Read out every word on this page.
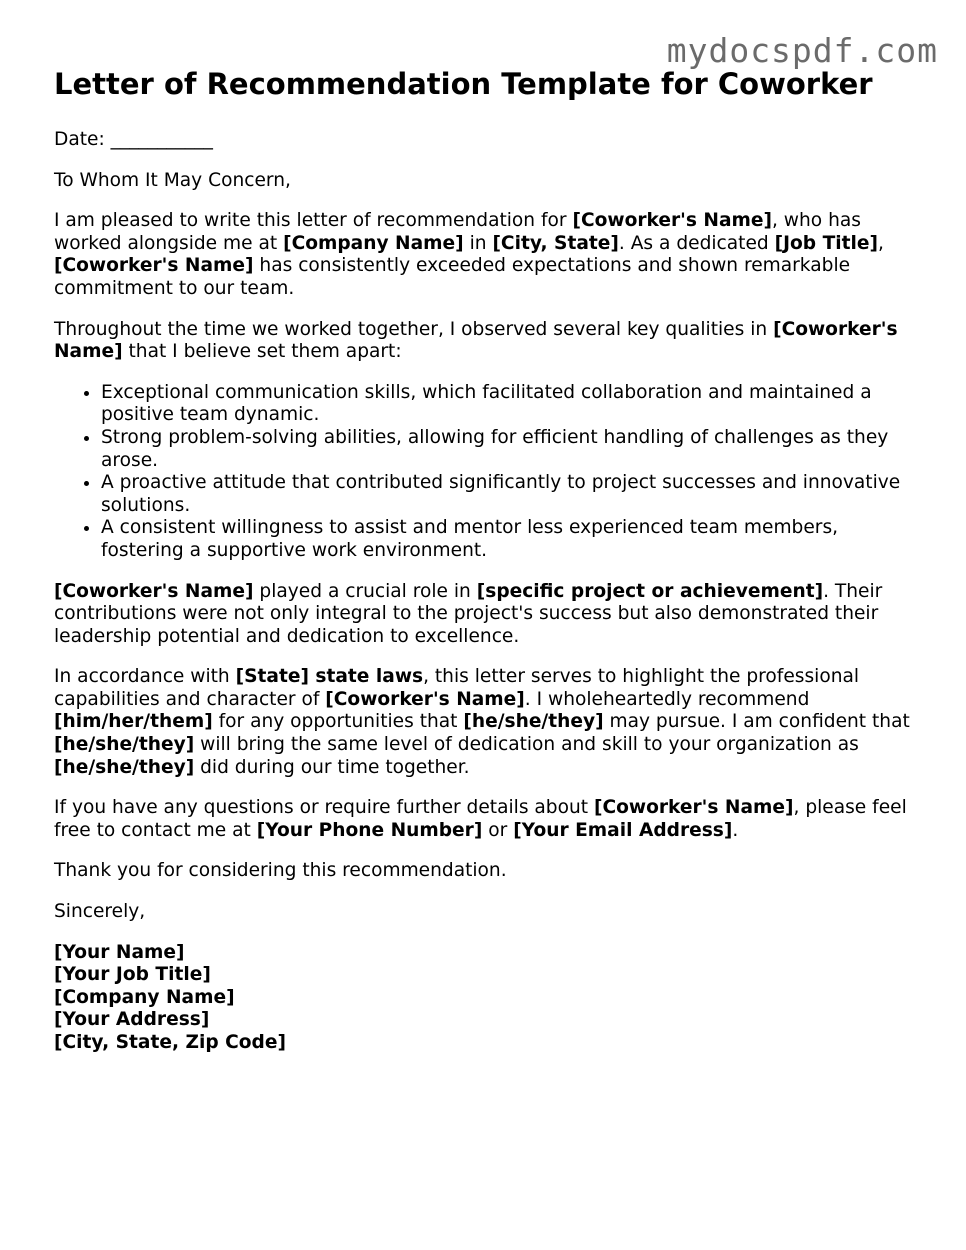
mydocspdf.com
Letter of Recommendation Template for Coworker

Date: ___________

To Whom It May Concern,

I am pleased to write this letter of recommendation for [Coworker's Name], who has worked alongside me at [Company Name] in [City, State]. As a dedicated [Job Title], [Coworker's Name] has consistently exceeded expectations and shown remarkable commitment to our team.

Throughout the time we worked together, I observed several key qualities in [Coworker's Name] that I believe set them apart:

• Exceptional communication skills, which facilitated collaboration and maintained a positive team dynamic.
• Strong problem-solving abilities, allowing for efficient handling of challenges as they arose.
• A proactive attitude that contributed significantly to project successes and innovative solutions.
• A consistent willingness to assist and mentor less experienced team members, fostering a supportive work environment.

[Coworker's Name] played a crucial role in [specific project or achievement]. Their contributions were not only integral to the project's success but also demonstrated their leadership potential and dedication to excellence.

In accordance with [State] state laws, this letter serves to highlight the professional capabilities and character of [Coworker's Name]. I wholeheartedly recommend [him/her/them] for any opportunities that [he/she/they] may pursue. I am confident that [he/she/they] will bring the same level of dedication and skill to your organization as [he/she/they] did during our time together.

If you have any questions or require further details about [Coworker's Name], please feel free to contact me at [Your Phone Number] or [Your Email Address].

Thank you for considering this recommendation.

Sincerely,

[Your Name]
[Your Job Title]
[Company Name]
[Your Address]
[City, State, Zip Code]
